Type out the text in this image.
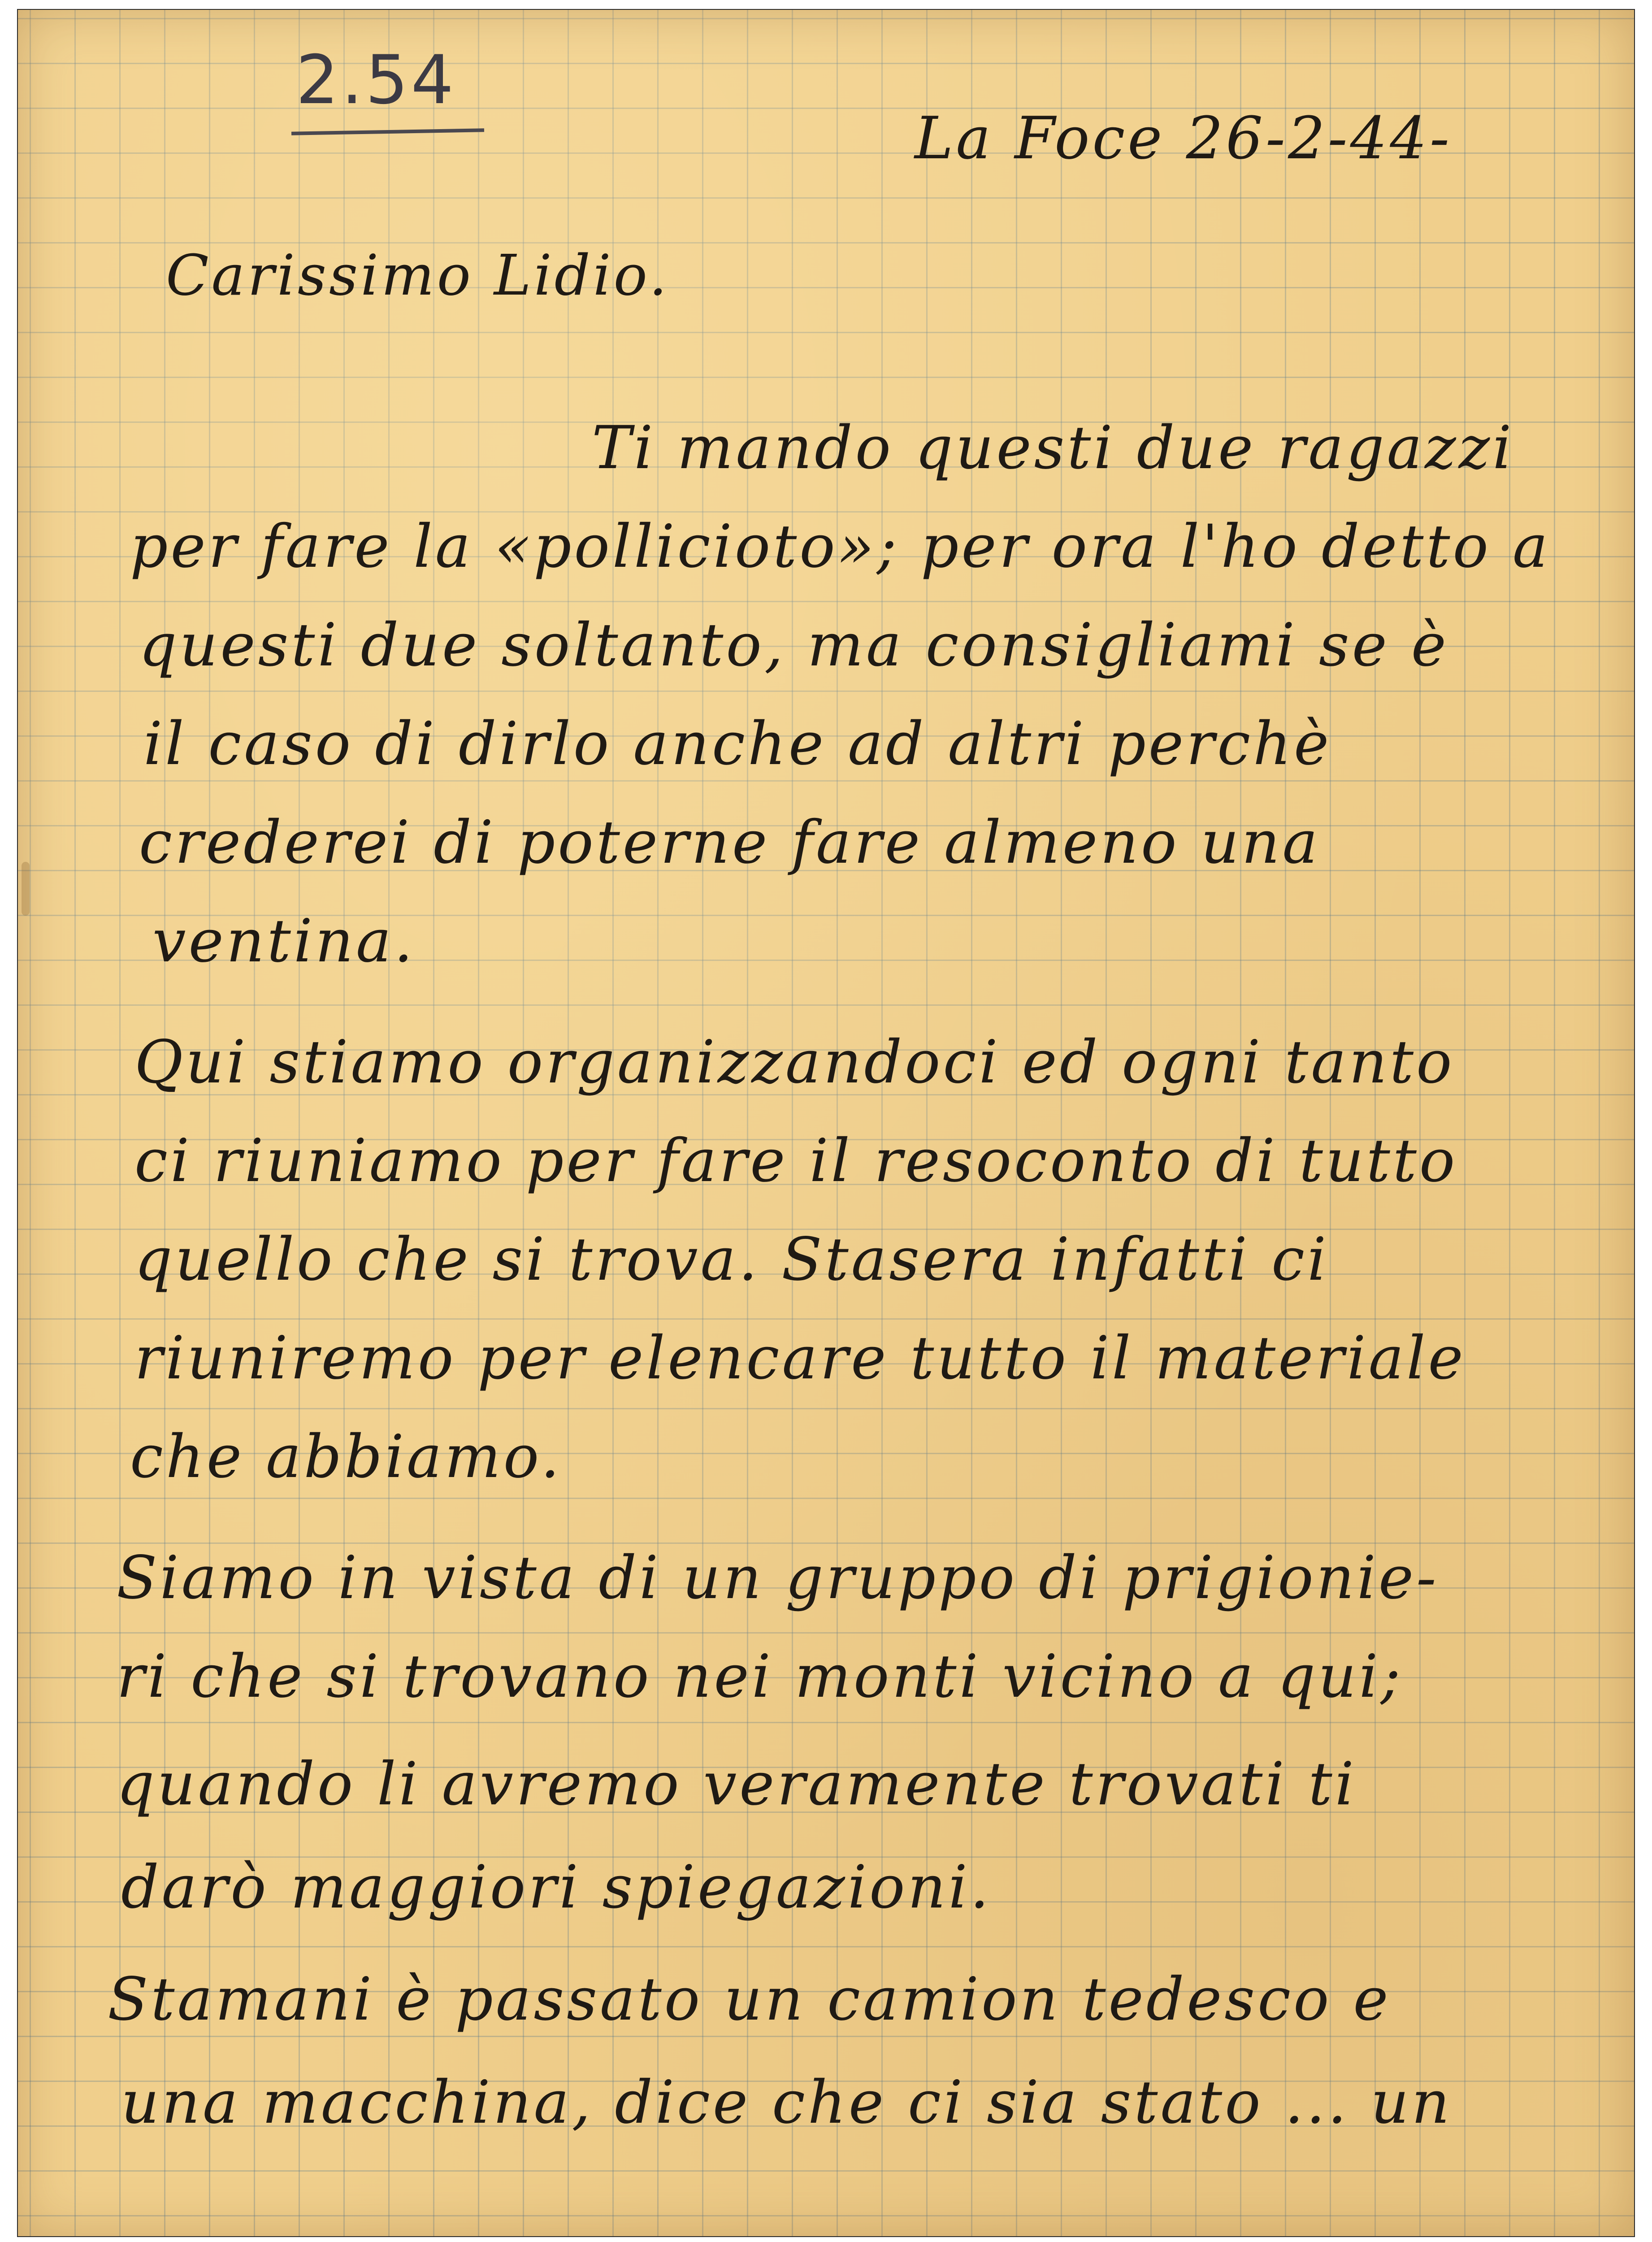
2.54
La Foce 26-2-44-
Carissimo Lidio.
Ti mando questi due ragazzi
per fare la «pollicioto»; per ora l'ho detto a
questi due soltanto, ma consigliami se è
il caso di dirlo anche ad altri perchè
crederei di poterne fare almeno una
ventina.
Qui stiamo organizzandoci ed ogni tanto
ci riuniamo per fare il resoconto di tutto
quello che si trova. Stasera infatti ci
riuniremo per elencare tutto il materiale
che abbiamo.
Siamo in vista di un gruppo di prigionie-
ri che si trovano nei monti vicino a qui;
quando li avremo veramente trovati ti
darò maggiori spiegazioni.
Stamani è passato un camion tedesco e
una macchina, dice che ci sia stato ... un
